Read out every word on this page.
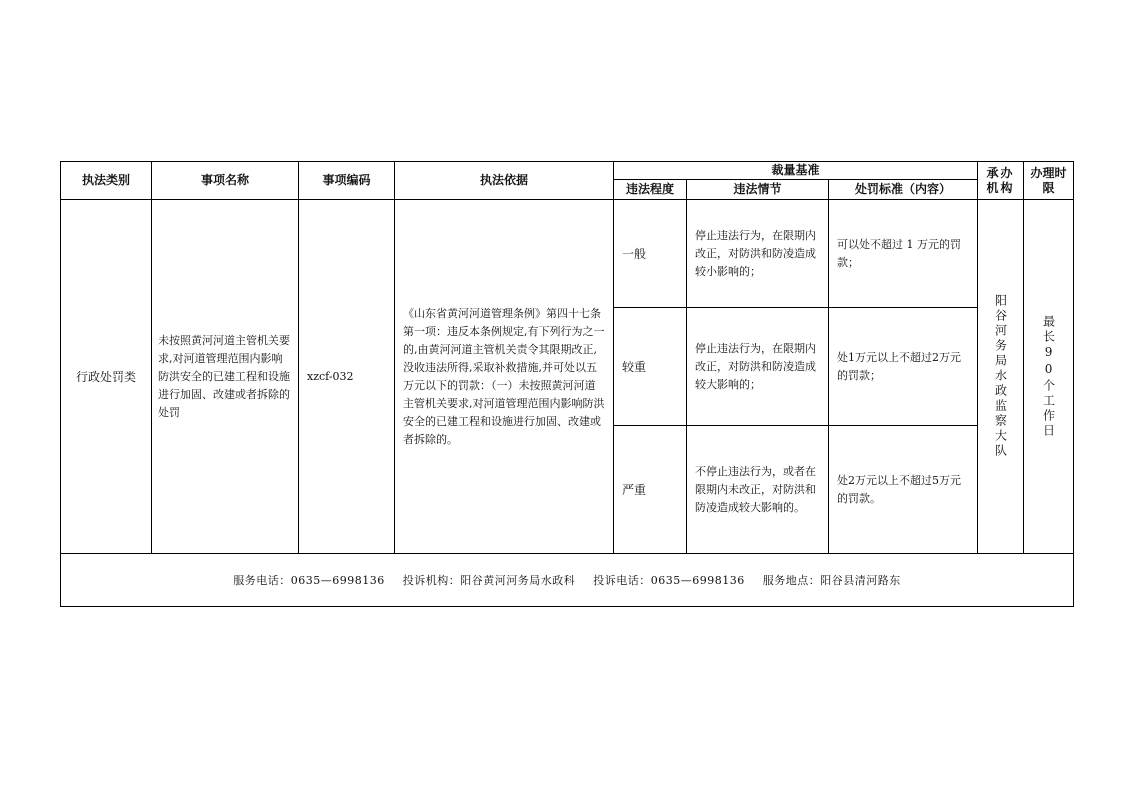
执法类别	事项名称	事项编码	执法依据	裁量基准			承办机构	办理时限
				违法程度	违法情节	处罚标准（内容）		

行政处罚类	未按照黄河河道主管机关要求,对河道管理范围内影响防洪安全的已建工程和设施进行加固、改建或者拆除的处罚	xzcf-032	《山东省黄河河道管理条例》第四十七条第一项：违反本条例规定,有下列行为之一的,由黄河河道主管机关责令其限期改正,没收违法所得,采取补救措施,并可处以五万元以下的罚款：（一）未按照黄河河道主管机关要求,对河道管理范围内影响防洪安全的已建工程和设施进行加固、改建或者拆除的。	一般	停止违法行为，在限期内改正，对防洪和防凌造成较小影响的；	可以处不超过 1 万元的罚款；	阳谷河务局水政监察大队	最长90个工作日

				较重	停止违法行为，在限期内改正，对防洪和防凌造成较大影响的；	处1万元以上不超过2万元的罚款；		

				严重	不停止违法行为，或者在限期内未改正，对防洪和防凌造成较大影响的。	处2万元以上不超过5万元的罚款。		

服务电话：0635—6998136 投诉机构：阳谷黄河河务局水政科 投诉电话：0635—6998136 服务地点：阳谷县清河路东								
